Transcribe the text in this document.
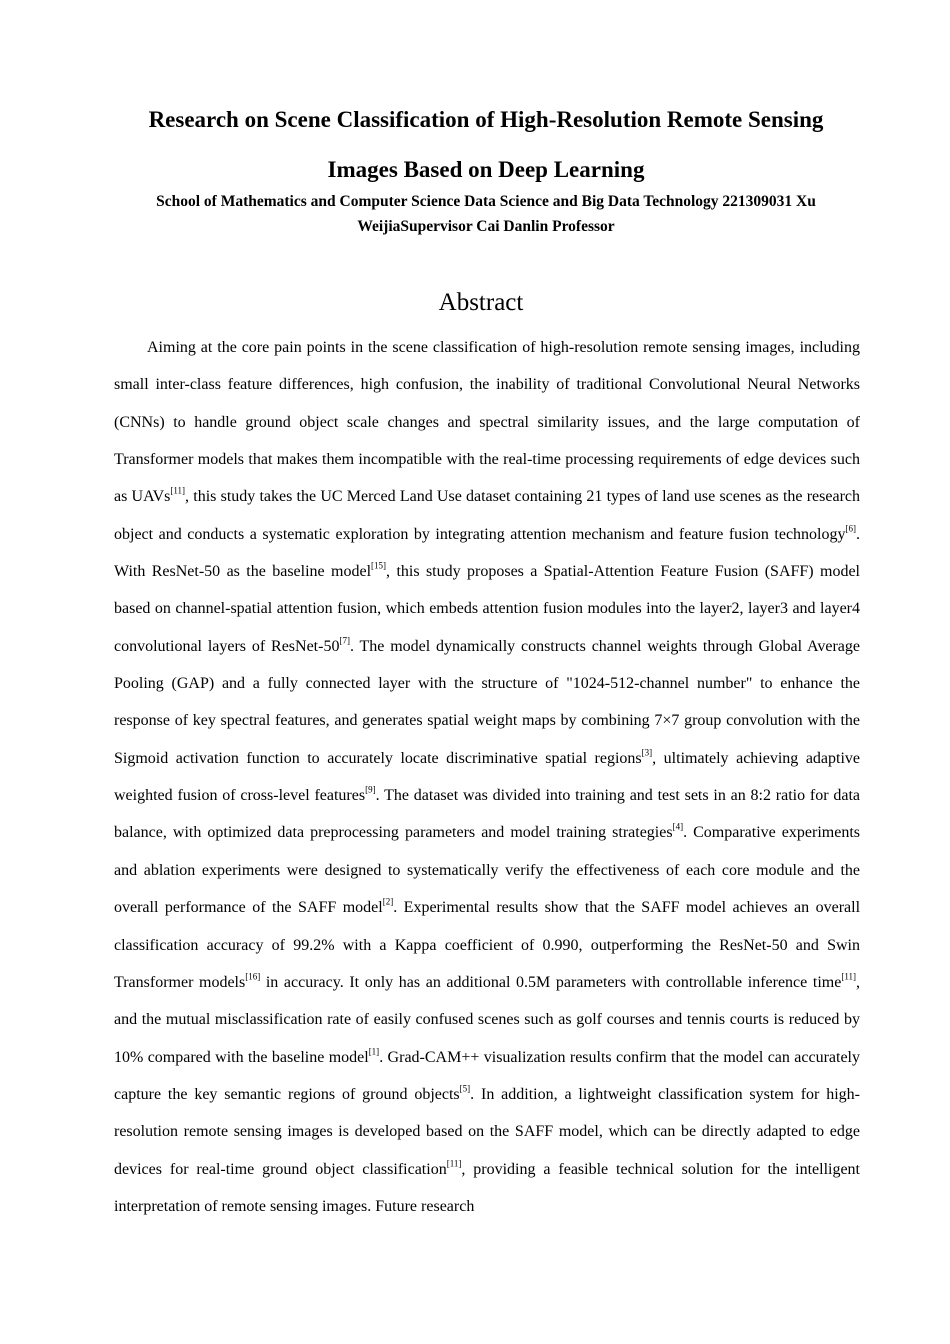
Research on Scene Classification of High-Resolution Remote Sensing
Images Based on Deep Learning
School of Mathematics and Computer Science Data Science and Big Data Technology 221309031 Xu
WeijiaSupervisor Cai Danlin Professor
Abstract

Aiming at the core pain points in the scene classification of high-resolution remote sensing images, including small inter-class feature differences, high confusion, the inability of traditional Convolutional Neural Networks (CNNs) to handle ground object scale changes and spectral similarity issues, and the large computation of Transformer models that makes them incompatible with the real-time processing requirements of edge devices such as UAVs[11], this study takes the UC Merced Land Use dataset containing 21 types of land use scenes as the research object and conducts a systematic exploration by integrating attention mechanism and feature fusion technology[6]. With ResNet-50 as the baseline model[15], this study proposes a Spatial-Attention Feature Fusion (SAFF) model based on channel-spatial attention fusion, which embeds attention fusion modules into the layer2, layer3 and layer4 convolutional layers of ResNet-50[7]. The model dynamically constructs channel weights through Global Average Pooling (GAP) and a fully connected layer with the structure of "1024-512-channel number" to enhance the response of key spectral features, and generates spatial weight maps by combining 7×7 group convolution with the Sigmoid activation function to accurately locate discriminative spatial regions[3], ultimately achieving adaptive weighted fusion of cross-level features[9]. The dataset was divided into training and test sets in an 8:2 ratio for data balance, with optimized data preprocessing parameters and model training strategies[4]. Comparative experiments and ablation experiments were designed to systematically verify the effectiveness of each core module and the overall performance of the SAFF model[2]. Experimental results show that the SAFF model achieves an overall classification accuracy of 99.2% with a Kappa coefficient of 0.990, outperforming the ResNet-50 and Swin Transformer models[16] in accuracy. It only has an additional 0.5M parameters with controllable inference time[11], and the mutual misclassification rate of easily confused scenes such as golf courses and tennis courts is reduced by 10% compared with the baseline model[1]. Grad-CAM++ visualization results confirm that the model can accurately capture the key semantic regions of ground objects[5]. In addition, a lightweight classification system for high-resolution remote sensing images is developed based on the SAFF model, which can be directly adapted to edge devices for real-time ground object classification[11], providing a feasible technical solution for the intelligent interpretation of remote sensing images. Future research
